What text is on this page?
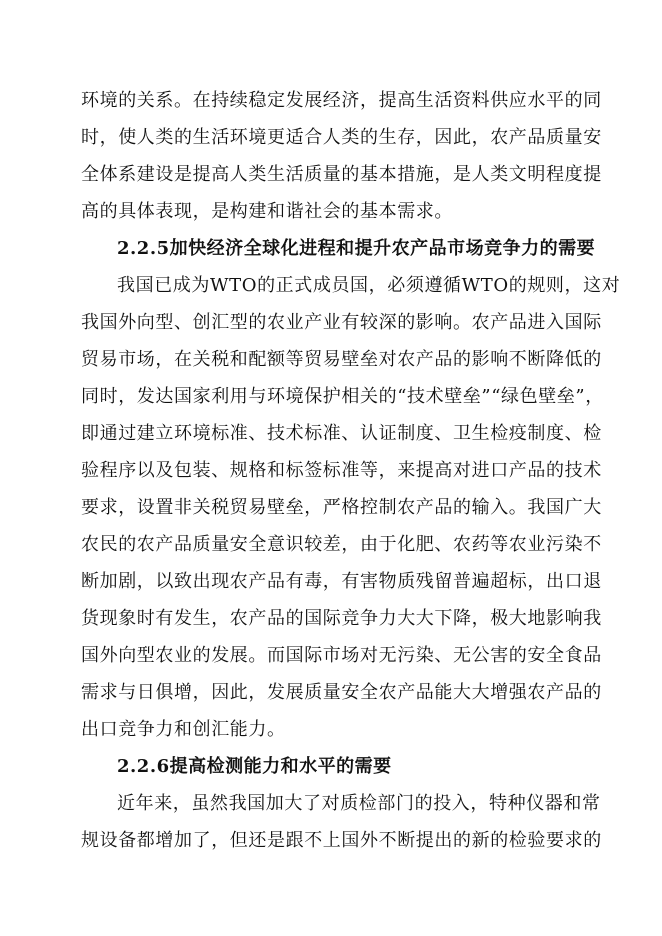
环境的关系。在持续稳定发展经济，提高生活资料供应水平的同
时，使人类的生活环境更适合人类的生存，因此，农产品质量安
全体系建设是提高人类生活质量的基本措施，是人类文明程度提
高的具体表现，是构建和谐社会的基本需求。
2.2.5加快经济全球化进程和提升农产品市场竞争力的需要
我国已成为WTO的正式成员国，必须遵循WTO的规则，这对
我国外向型、创汇型的农业产业有较深的影响。农产品进入国际
贸易市场，在关税和配额等贸易壁垒对农产品的影响不断降低的
同时，发达国家利用与环境保护相关的“技术壁垒”“绿色壁垒”，
即通过建立环境标准、技术标准、认证制度、卫生检疫制度、检
验程序以及包装、规格和标签标准等，来提高对进口产品的技术
要求，设置非关税贸易壁垒，严格控制农产品的输入。我国广大
农民的农产品质量安全意识较差，由于化肥、农药等农业污染不
断加剧，以致出现农产品有毒，有害物质残留普遍超标，出口退
货现象时有发生，农产品的国际竞争力大大下降，极大地影响我
国外向型农业的发展。而国际市场对无污染、无公害的安全食品
需求与日俱增，因此，发展质量安全农产品能大大增强农产品的
出口竞争力和创汇能力。
2.2.6提高检测能力和水平的需要
近年来，虽然我国加大了对质检部门的投入，特种仪器和常
规设备都增加了，但还是跟不上国外不断提出的新的检验要求的
